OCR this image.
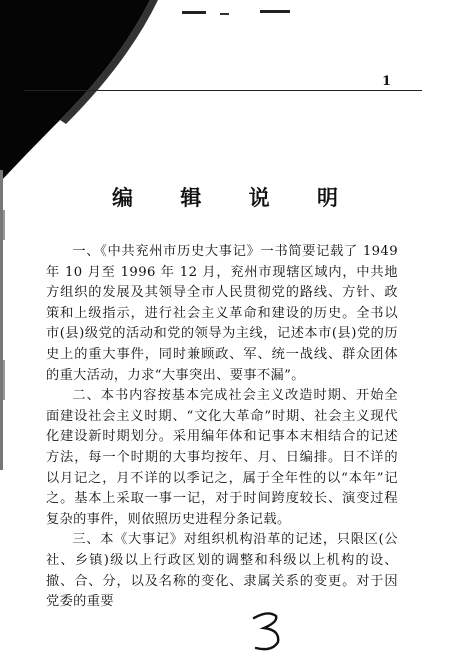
1
编 辑 说 明

一、《中共兖州市历史大事记》一书简要记载了 1949 年 10 月至 1996 年 12 月，兖州市现辖区域内，中共地方组织的发展及其领导全市人民贯彻党的路线、方针、政策和上级指示，进行社会主义革命和建设的历史。全书以市(县)级党的活动和党的领导为主线，记述本市(县)党的历史上的重大事件，同时兼顾政、军、统一战线、群众团体的重大活动，力求“大事突出、要事不漏”。

二、本书内容按基本完成社会主义改造时期、开始全面建设社会主义时期、“文化大革命”时期、社会主义现代化建设新时期划分。采用编年体和记事本末相结合的记述方法，每一个时期的大事均按年、月、日编排。日不详的以月记之，月不详的以季记之，属于全年性的以“本年”记之。基本上采取一事一记，对于时间跨度较长、演变过程复杂的事件，则依照历史进程分条记载。

三、本《大事记》对组织机构沿革的记述，只限区(公社、乡镇)级以上行政区划的调整和科级以上机构的设、撤、合、分，以及名称的变化、隶属关系的变更。对于因党委的重要
